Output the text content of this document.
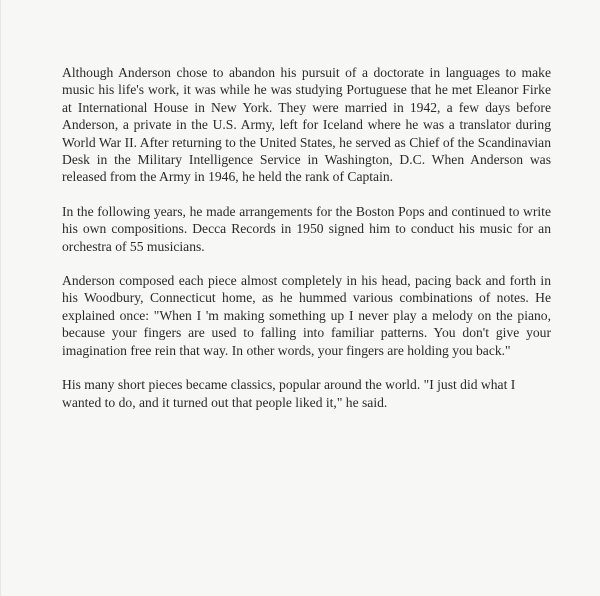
Although Anderson chose to abandon his pursuit of a doctorate in languages to make music his life's work, it was while he was studying Portuguese that he met Eleanor Firke at International House in New York. They were married in 1942, a few days before Anderson, a private in the U.S. Army, left for Iceland where he was a translator during World War II. After returning to the United States, he served as Chief of the Scandinavian Desk in the Military Intelligence Service in Washington, D.C. When Anderson was released from the Army in 1946, he held the rank of Captain.

In the following years, he made arrangements for the Boston Pops and continued to write his own compositions. Decca Records in 1950 signed him to conduct his music for an orchestra of 55 musicians.

Anderson composed each piece almost completely in his head, pacing back and forth in his Woodbury, Connecticut home, as he hummed various combinations of notes. He explained once: "When I 'm making something up I never play a melody on the piano, because your fingers are used to falling into familiar patterns. You don't give your imagination free rein that way. In other words, your fingers are holding you back."

His many short pieces became classics, popular around the world. "I just did what I wanted to do, and it turned out that people liked it," he said.
